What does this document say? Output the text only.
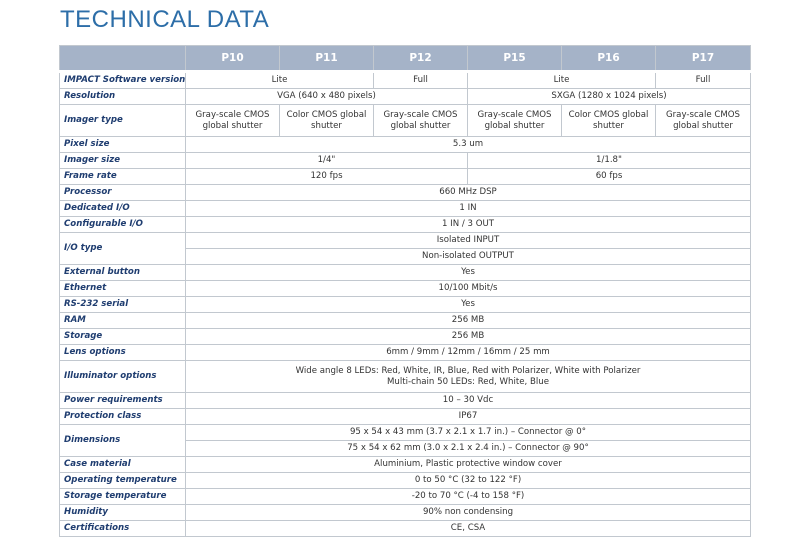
TECHNICAL DATA
	P10	P11	P12	P15	P16	P17
IMPACT Software version	Lite		Full	Lite		Full
Resolution	VGA (640 x 480 pixels)			SXGA (1280 x 1024 pixels)		
Imager type	Gray-scale CMOS global shutter	Color CMOS global shutter	Gray-scale CMOS global shutter	Gray-scale CMOS global shutter	Color CMOS global shutter	Gray-scale CMOS global shutter
Pixel size	5.3 um					
Imager size	1/4"			1/1.8"		
Frame rate	120 fps			60 fps		
Processor	660 MHz DSP					
Dedicated I/O	1 IN					
Configurable I/O	1 IN / 3 OUT					
I/O type	Isolated INPUT					
	Non-isolated OUTPUT					
External button	Yes					
Ethernet	10/100 Mbit/s					
RS-232 serial	Yes					
RAM	256 MB					
Storage	256 MB					
Lens options	6mm / 9mm / 12mm / 16mm / 25 mm					
Illuminator options	Wide angle 8 LEDs: Red, White, IR, Blue, Red with Polarizer, White with Polarizer
Multi-chain 50 LEDs: Red, White, Blue					

Power requirements	10 – 30 Vdc					
Protection class	IP67					
Dimensions	95 x 54 x 43 mm (3.7 x 2.1 x 1.7 in.) – Connector @ 0°					
	75 x 54 x 62 mm (3.0 x 2.1 x 2.4 in.) – Connector @ 90°					
Case material	Aluminium, Plastic protective window cover					
Operating temperature	0 to 50 °C (32 to 122 °F)					
Storage temperature	-20 to 70 °C (-4 to 158 °F)					
Humidity	90% non condensing					
Certifications	CE, CSA					
